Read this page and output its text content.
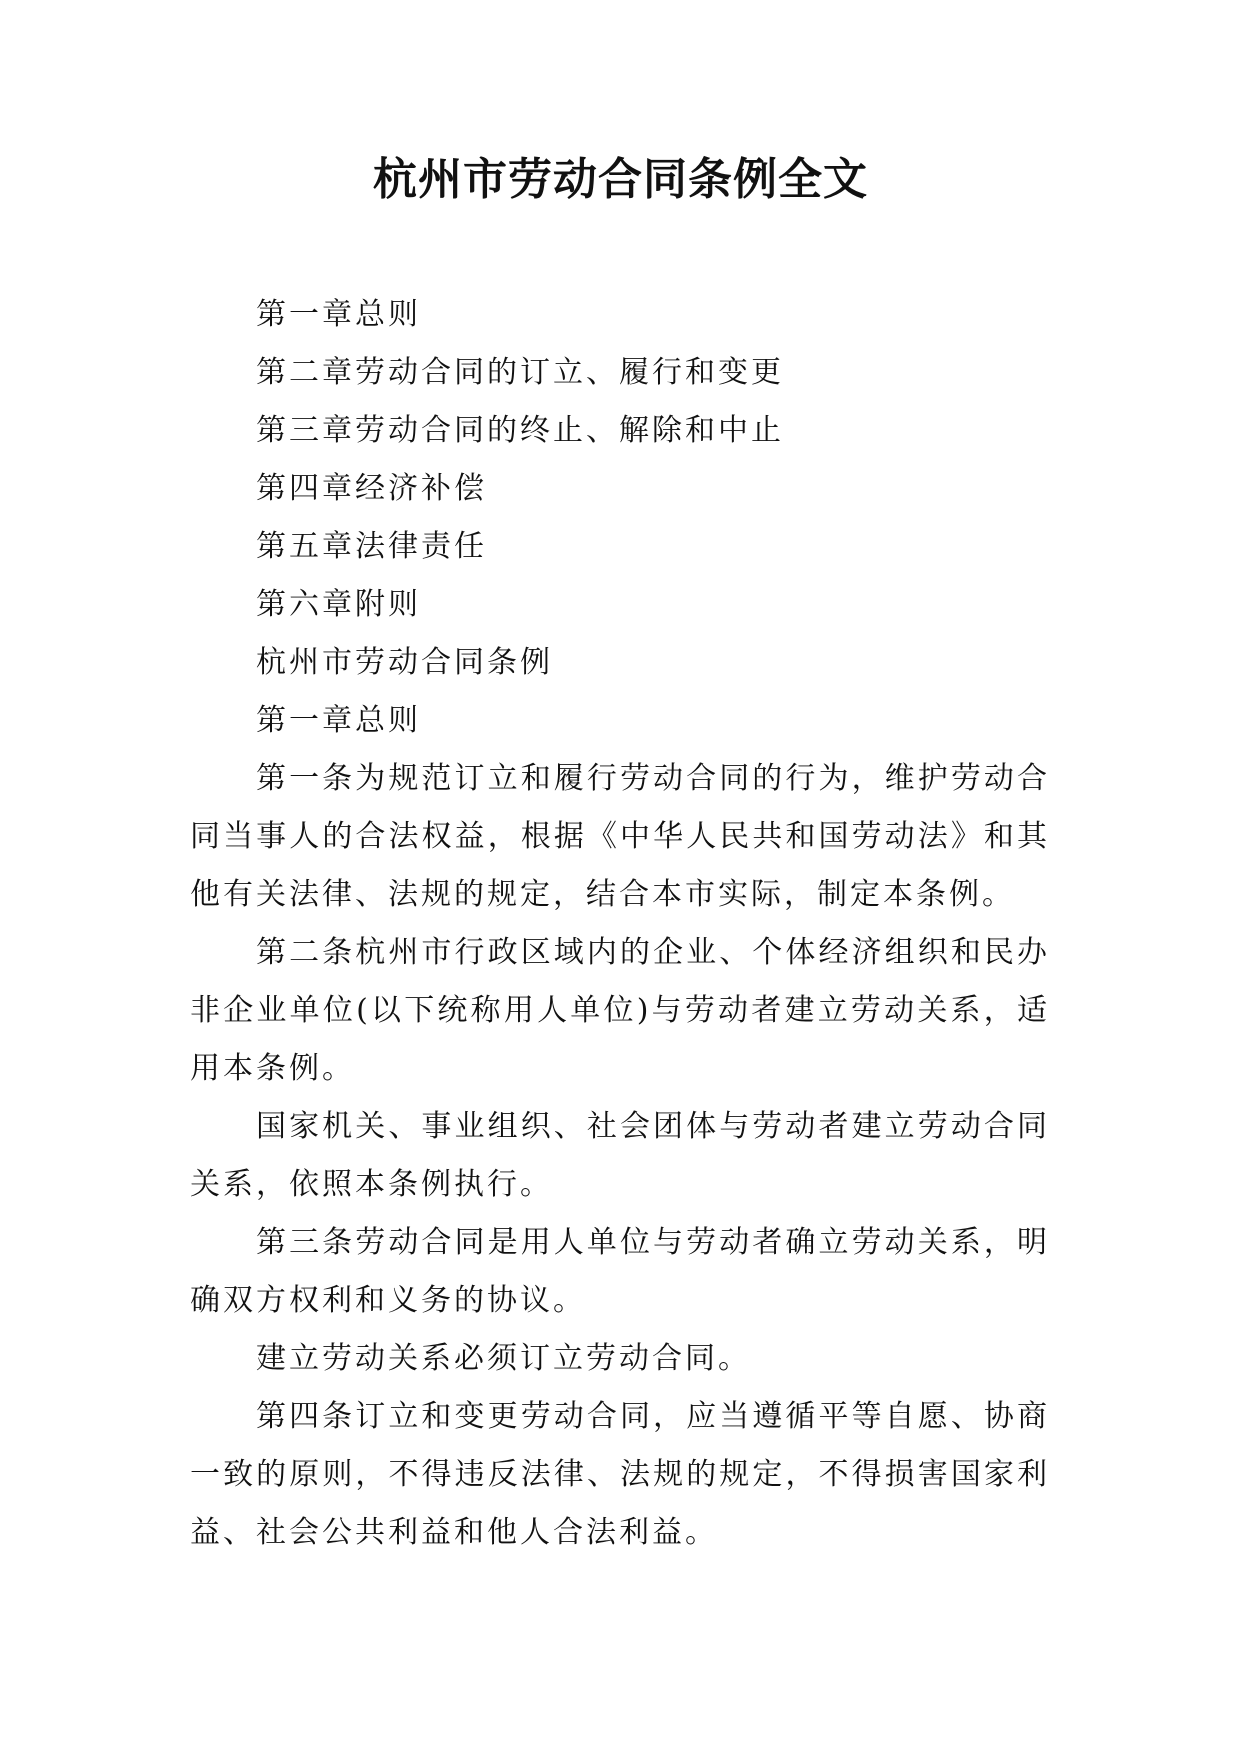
杭州市劳动合同条例全文

第一章总则

第二章劳动合同的订立、履行和变更

第三章劳动合同的终止、解除和中止

第四章经济补偿

第五章法律责任

第六章附则

杭州市劳动合同条例

第一章总则

第一条为规范订立和履行劳动合同的行为，维护劳动合同当事人的合法权益，根据《中华人民共和国劳动法》和其他有关法律、法规的规定，结合本市实际，制定本条例。

第二条杭州市行政区域内的企业、个体经济组织和民办非企业单位(以下统称用人单位)与劳动者建立劳动关系，适用本条例。

国家机关、事业组织、社会团体与劳动者建立劳动合同关系，依照本条例执行。

第三条劳动合同是用人单位与劳动者确立劳动关系，明确双方权利和义务的协议。

建立劳动关系必须订立劳动合同。

第四条订立和变更劳动合同，应当遵循平等自愿、协商一致的原则，不得违反法律、法规的规定，不得损害国家利益、社会公共利益和他人合法利益。
